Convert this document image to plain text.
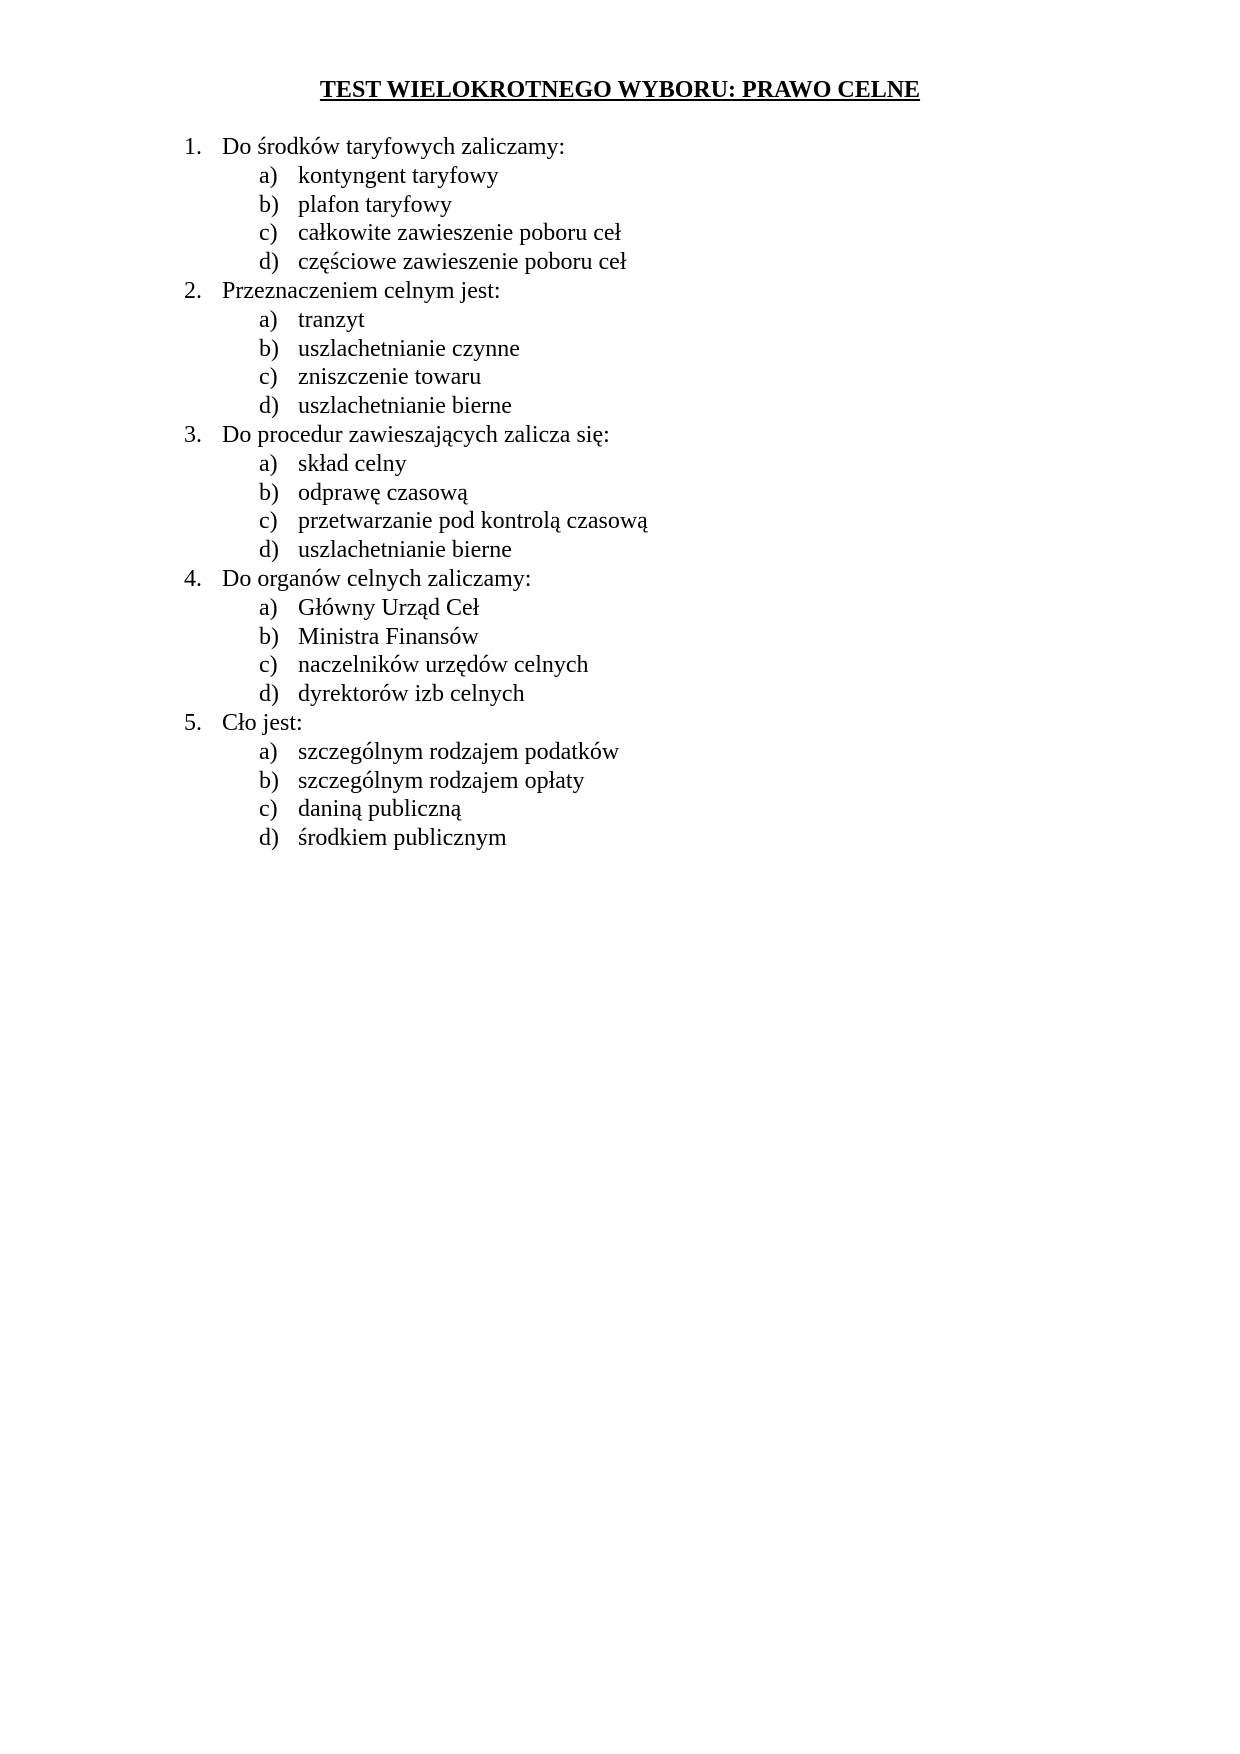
TEST WIELOKROTNEGO WYBORU: PRAWO CELNE
1. Do środków taryfowych zaliczamy:
a) kontyngent taryfowy
b) plafon taryfowy
c) całkowite zawieszenie poboru ceł
d) częściowe zawieszenie poboru ceł
2. Przeznaczeniem celnym jest:
a) tranzyt
b) uszlachetnianie czynne
c) zniszczenie towaru
d) uszlachetnianie bierne
3. Do procedur zawieszających zalicza się:
a) skład celny
b) odprawę czasową
c) przetwarzanie pod kontrolą czasową
d) uszlachetnianie bierne
4. Do organów celnych zaliczamy:
a) Główny Urząd Ceł
b) Ministra Finansów
c) naczelników urzędów celnych
d) dyrektorów izb celnych
5. Cło jest:
a) szczególnym rodzajem podatków
b) szczególnym rodzajem opłaty
c) daniną publiczną
d) środkiem publicznym
